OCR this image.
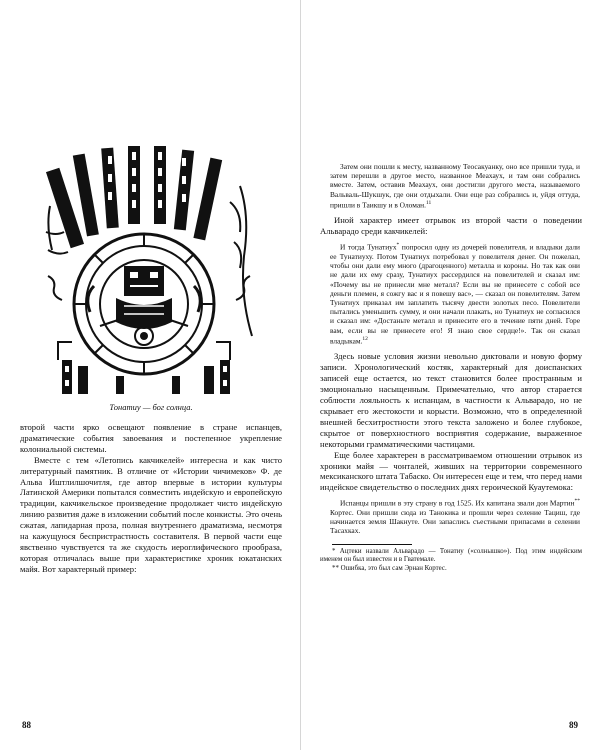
Тонатиу — бог солнца.

второй части ярко освещают появление в стране испанцев, драматические события завоевания и постепенное укрепление колониальной системы.

Вместе с тем «Летопись какчикелей» интересна и как чисто литературный памятник. В отличие от «Истории чичимеков» Ф. де Альва Иштлилшочитля, где автор впервые в истории культуры Латинской Америки попытался совместить индейскую и европейскую традиции, какчикельское произведение продолжает чисто индейскую линию развития даже в изложении событий после конкисты. Это очень сжатая, лапидарная проза, полная внутреннего драматизма, несмотря на кажущуюся беспристрастность составителя. В первой части еще явственно чувствуется та же скудость иероглифического прообраза, которая отличалась выше при характеристике хроник юкатанских майя. Вот характерный пример:

88

Затем они пошли к месту, названному Теосакуанку, оно все пришли туда, и затем перешли в другое место, названное Меахаух, и там они собрались вместе. Затем, оставив Меахаух, они достигли другого места, называемого Вальваль-Шукшук, где они отдыхали. Они еще раз собрались и, уйдя оттуда, пришли в Таикшу и в Оломан.$^{11}$

Иной характер имеет отрывок из второй части о поведении Альварадо среди какчикелей:

И тогда Тунатиух* попросил одну из дочерей повелителя, и владыки дали ее Тунатиуху. Потом Тунатиух потребовал у повелителя денег. Он пожелал, чтобы они дали ему много (драгоценного) металла и короны. Но так как они не дали их ему сразу, Тунатиух рассердился на повелителей и сказал им: «Почему вы не принесли мне металл? Если вы не принесете с собой все деньги племен, я сожгу вас и я повешу вас», — сказал он повелителям. Затем Тунатиух приказал им заплатить тысячу двести золотых песо. Повелители пытались уменьшить сумму, и они начали плакать, но Тунатиух не согласился и сказал им: «Достаньте металл и принесите его в течение пяти дней. Горе вам, если вы не принесете его! Я знаю свое сердце!». Так он сказал владыкам.$^{12}$

Здесь новые условия жизни невольно диктовали и новую форму записи. Хронологический костяк, характерный для доиспанских записей еще остается, но текст становится более пространным и эмоционально насыщенным. Примечательно, что автор старается соблюсти лояльность к испанцам, в частности к Альварадо, но не скрывает его жестокости и корысти. Возможно, что в определенной внешней бесхитростности этого текста заложено и более глубокое, скрытое от поверхностного восприятия содержание, выраженное некоторыми грамматическими частицами.

Еще более характерен в рассматриваемом отношении отрывок из хроники майя — чонталей, живших на территории современного мексиканского штата Табаско. Он интересен еще и тем, что перед нами индейское свидетельство о последних днях героической Куаутемока:

Испанцы пришли в эту страну в год 1525. Их капитана звали дон Мартин** Кортес. Они пришли сюда из Танокика и прошли через селение Тациш, где начинается земля Шакнуте. Они запаслись съестными припасами в селении Тасахках.

* Ацтеки назвали Альварадо — Тонатиу («солнышко»). Под этим индейским именем он был известен и в Гватемале.

** Ошибка, это был сам Эрнан Кортес.

89
